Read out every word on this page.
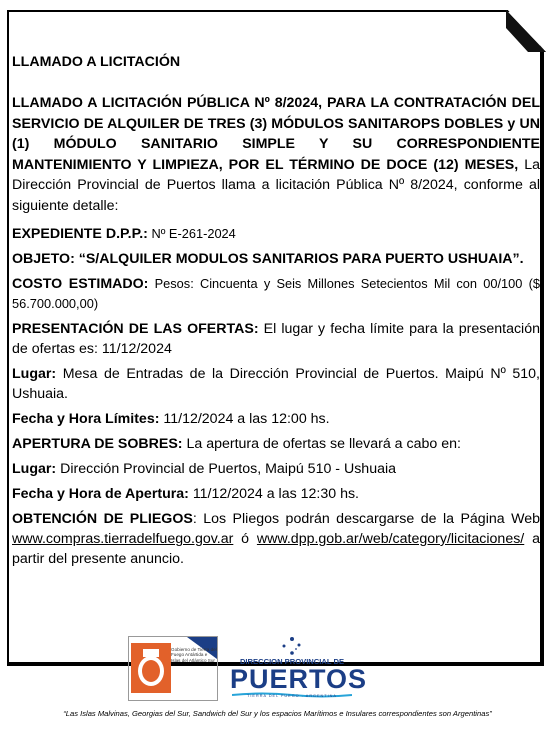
LLAMADO A LICITACIÓN

LLAMADO A LICITACIÓN PÚBLICA Nº 8/2024, PARA LA CONTRATACIÓN DEL SERVICIO DE ALQUILER DE TRES (3) MÓDULOS SANITAROPS DOBLES y UN (1) MÓDULO SANITARIO SIMPLE Y SU CORRESPONDIENTE MANTENIMIENTO Y LIMPIEZA, POR EL TÉRMINO DE DOCE (12) MESES, La Dirección Provincial de Puertos llama a licitación Pública Nº 8/2024, conforme al siguiente detalle:

EXPEDIENTE D.P.P.: Nº E-261-2024

OBJETO: “S/ALQUILER MODULOS SANITARIOS PARA PUERTO USHUAIA”.

COSTO ESTIMADO: Pesos: Cincuenta y Seis Millones Setecientos Mil con 00/100 ($ 56.700.000,00)

PRESENTACIÓN DE LAS OFERTAS: El lugar y fecha límite para la presentación de ofertas es: 11/12/2024

Lugar: Mesa de Entradas de la Dirección Provincial de Puertos. Maipú Nº 510, Ushuaia.

Fecha y Hora Límites: 11/12/2024 a las 12:00 hs.

APERTURA DE SOBRES: La apertura de ofertas se llevará a cabo en:

Lugar: Dirección Provincial de Puertos, Maipú 510 - Ushuaia

Fecha y Hora de Apertura: 11/12/2024 a las 12:30 hs.

OBTENCIÓN DE PLIEGOS: Los Pliegos podrán descargarse de la Página Web www.compras.tierradelfuego.gov.ar ó www.dpp.gob.ar/web/category/licitaciones/ a partir del presente anuncio.

Gobierno de Tierra del Fuego Antártida e Islas del Atlántico Sur	DIRECCION PROVINCIAL DE
PUERTOS
TIERRA DEL FUEGO - ARGENTINA
“Las Islas Malvinas, Georgias del Sur, Sandwich del Sur y los espacios Marítimos e Insulares correspondientes son Argentinas”
